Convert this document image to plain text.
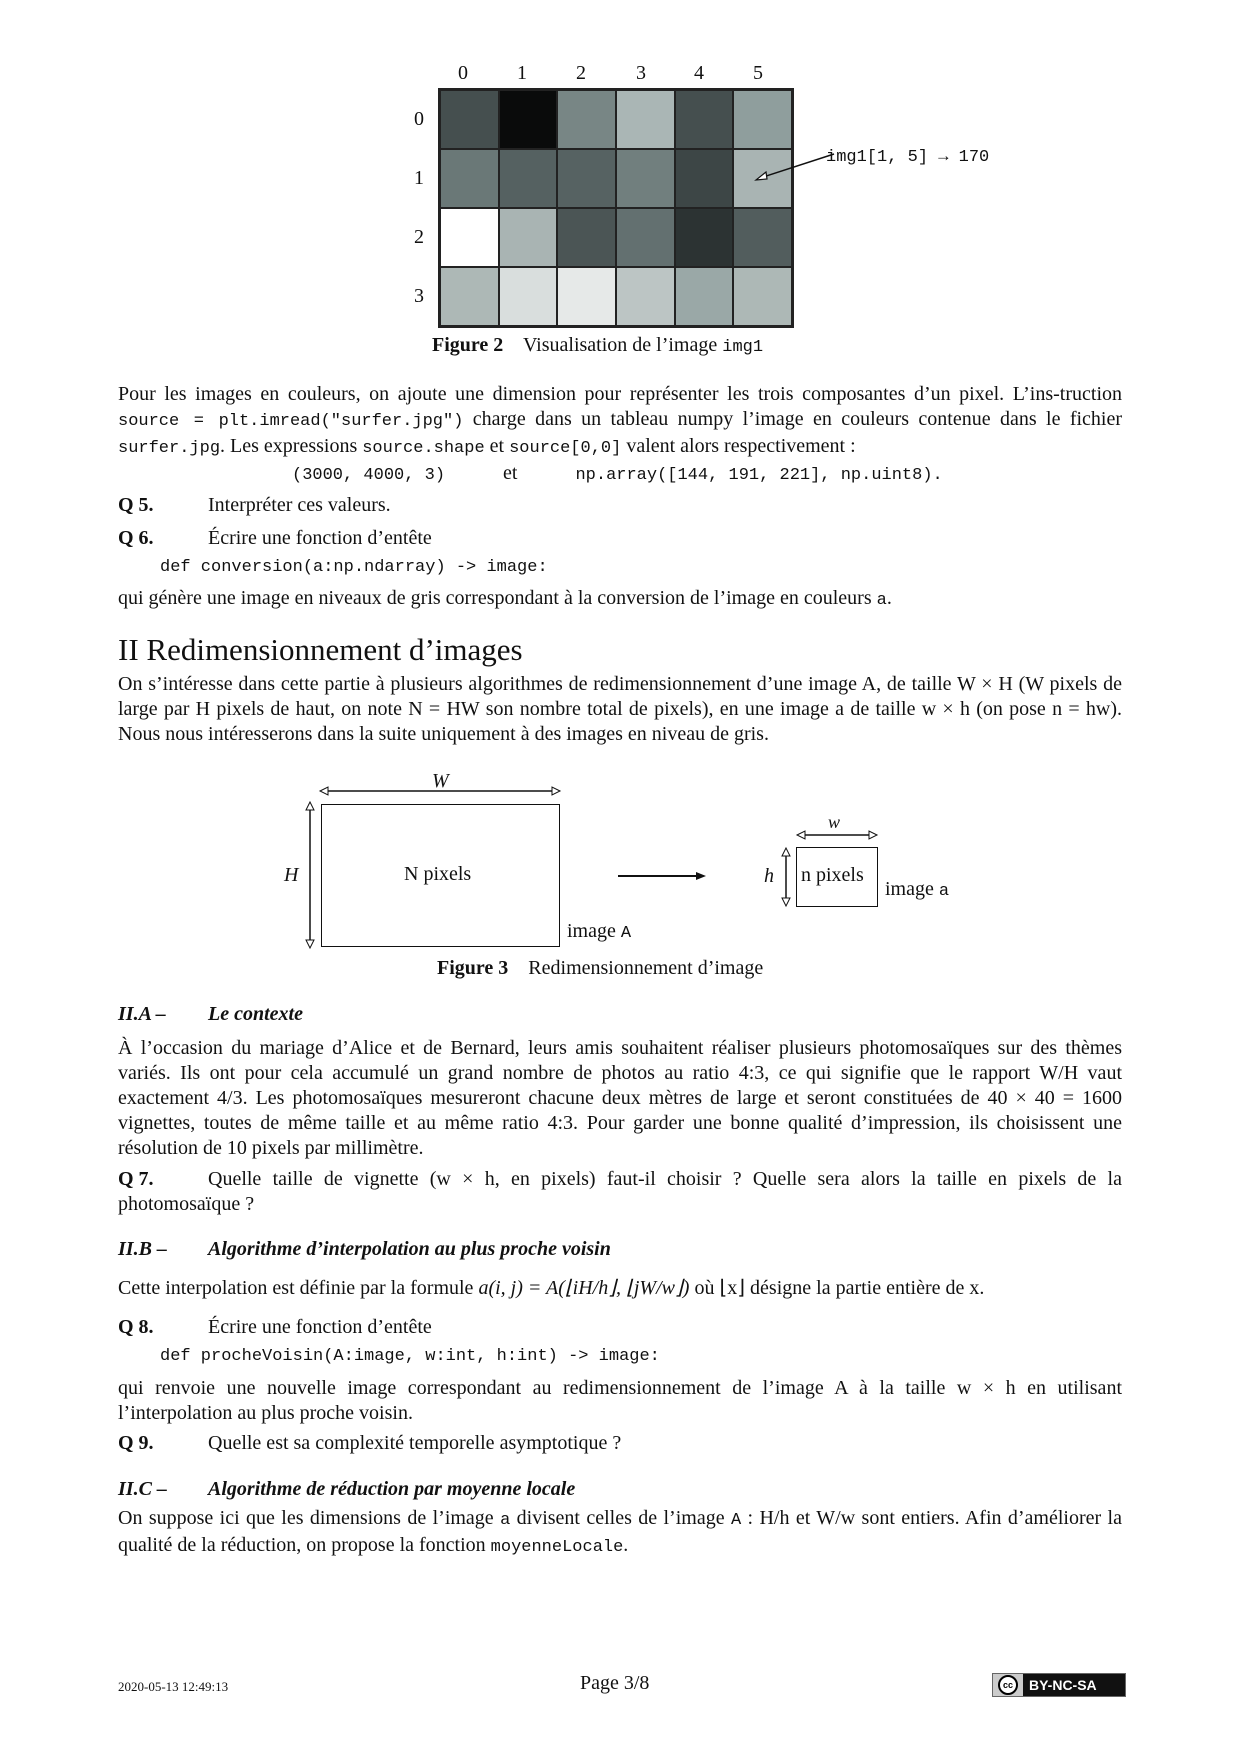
0 1 2	3 4 5
0
1
2
3
img1[1, 5] → 170
Figure 2 Visualisation de l’image img1
Pour les images en couleurs, on ajoute une dimension pour représenter les trois composantes d’un pixel. L’ins-truction source = plt.imread("surfer.jpg") charge dans un tableau numpy l’image en couleurs contenue dans le fichier surfer.jpg. Les expressions source.shape et source[0,0] valent alors respectivement :
(3000, 4000, 3)	et	np.array([144, 191, 221], np.uint8).
Q 5.	Interpréter ces valeurs.
Q 6.	Écrire une fonction d’entête
def conversion(a:np.ndarray) -> image:
qui génère une image en niveaux de gris correspondant à la conversion de l’image en couleurs a.
II Redimensionnement d’images
On s’intéresse dans cette partie à plusieurs algorithmes de redimensionnement d’une image A, de taille W × H (W pixels de large par H pixels de haut, on note N = HW son nombre total de pixels), en une image a de taille w × h (on pose n = hw). Nous nous intéresserons dans la suite uniquement à des images en niveau de gris.
W
H	N pixels
image A
w
h n pixels
image a
Figure 3 Redimensionnement d’image
II.A – Le contexte
À l’occasion du mariage d’Alice et de Bernard, leurs amis souhaitent réaliser plusieurs photomosaïques sur des thèmes variés. Ils ont pour cela accumulé un grand nombre de photos au ratio 4:3, ce qui signifie que le rapport W/H vaut exactement 4/3. Les photomosaïques mesureront chacune deux mètres de large et seront constituées de 40 × 40 = 1600 vignettes, toutes de même taille et au même ratio 4:3. Pour garder une bonne qualité d’impression, ils choisissent une résolution de 10 pixels par millimètre.
Q 7.	Quelle taille de vignette (w × h, en pixels) faut-il choisir ? Quelle sera alors la taille en pixels de la photomosaïque ?
II.B – Algorithme d’interpolation au plus proche voisin
Cette interpolation est définie par la formule a(i, j) = A(⌊iH/h⌋, ⌊jW/w⌋) où ⌊x⌋ désigne la partie entière de x.
Q 8.	Écrire une fonction d’entête
def procheVoisin(A:image, w:int, h:int) -> image:
qui renvoie une nouvelle image correspondant au redimensionnement de l’image A à la taille w × h en utilisant l’interpolation au plus proche voisin.
Q 9.	Quelle est sa complexité temporelle asymptotique ?
II.C – Algorithme de réduction par moyenne locale
On suppose ici que les dimensions de l’image a divisent celles de l’image A : H/h et W/w sont entiers. Afin d’améliorer la qualité de la réduction, on propose la fonction moyenneLocale.
2020-05-13 12:49:13	Page 3/8	cc	BY-NC-SA
